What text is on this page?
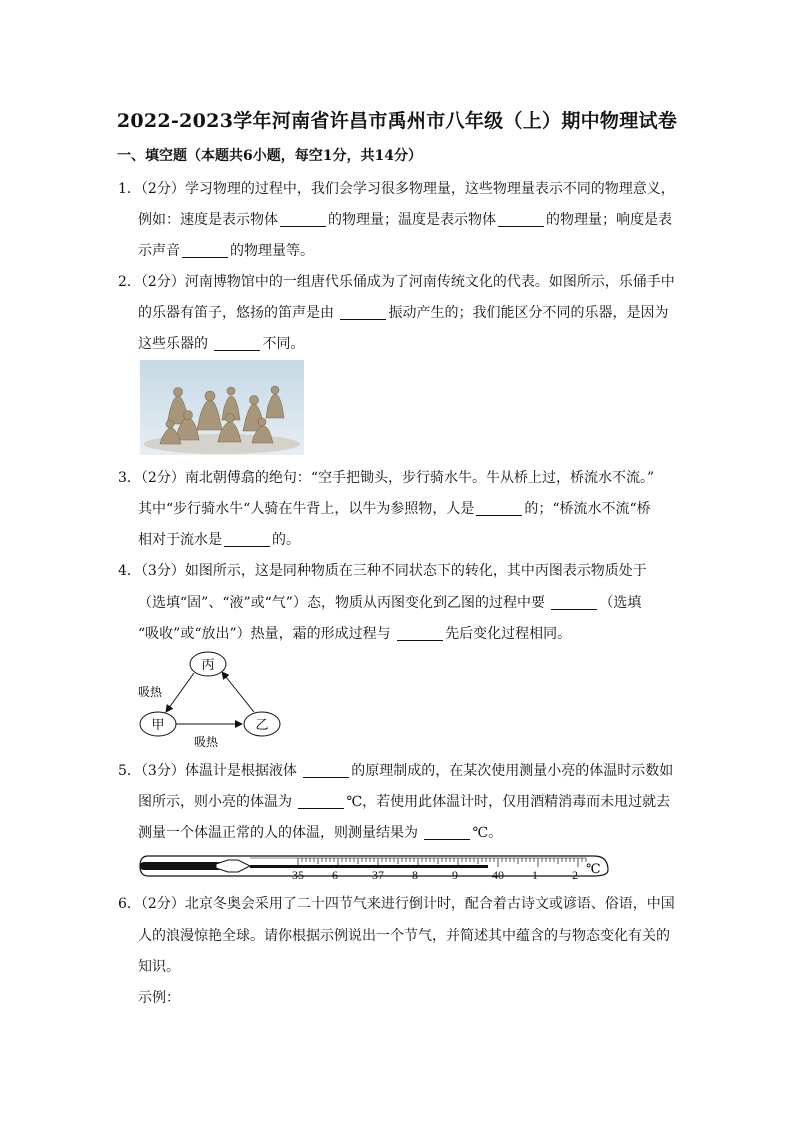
2022-2023学年河南省许昌市禹州市八年级（上）期中物理试卷
一、填空题（本题共6小题，每空1分，共14分）
1．（2分）学习物理的过程中，我们会学习很多物理量，这些物理量表示不同的物理意义，
例如：速度是表示物体	的物理量；温度是表示物体	的物理量；响度是表
示声音	的物理量等。
2．（2分）河南博物馆中的一组唐代乐俑成为了河南传统文化的代表。如图所示，乐俑手中
的乐器有笛子，悠扬的笛声是由	振动产生的；我们能区分不同的乐器，是因为
这些乐器的	不同。
3．（2分）南北朝傅翕的绝句：“空手把锄头，步行骑水牛。牛从桥上过，桥流水不流。”
其中“步行骑水牛“人骑在牛背上，以牛为参照物，人是	的；“桥流水不流“桥
相对于流水是	的。
4．（3分）如图所示，这是同种物质在三种不同状态下的转化，其中丙图表示物质处于
（选填“固”、“液”或“气”）态，物质从丙图变化到乙图的过程中要	（选填
“吸收”或“放出”）热量，霜的形成过程与	先后变化过程相同。
丙
甲	乙
吸热
吸热
5．（3分）体温计是根据液体	的原理制成的，在某次使用测量小亮的体温时示数如
图所示，则小亮的体温为	℃，若使用此体温计时，仅用酒精消毒而未甩过就去
测量一个体温正常的人的体温，则测量结果为	℃。
35 6	37 8	9	40 1	2 ℃
6．（2分）北京冬奥会采用了二十四节气来进行倒计时，配合着古诗文或谚语、俗语，中国
人的浪漫惊艳全球。请你根据示例说出一个节气，并简述其中蕴含的与物态变化有关的
知识。
示例：
